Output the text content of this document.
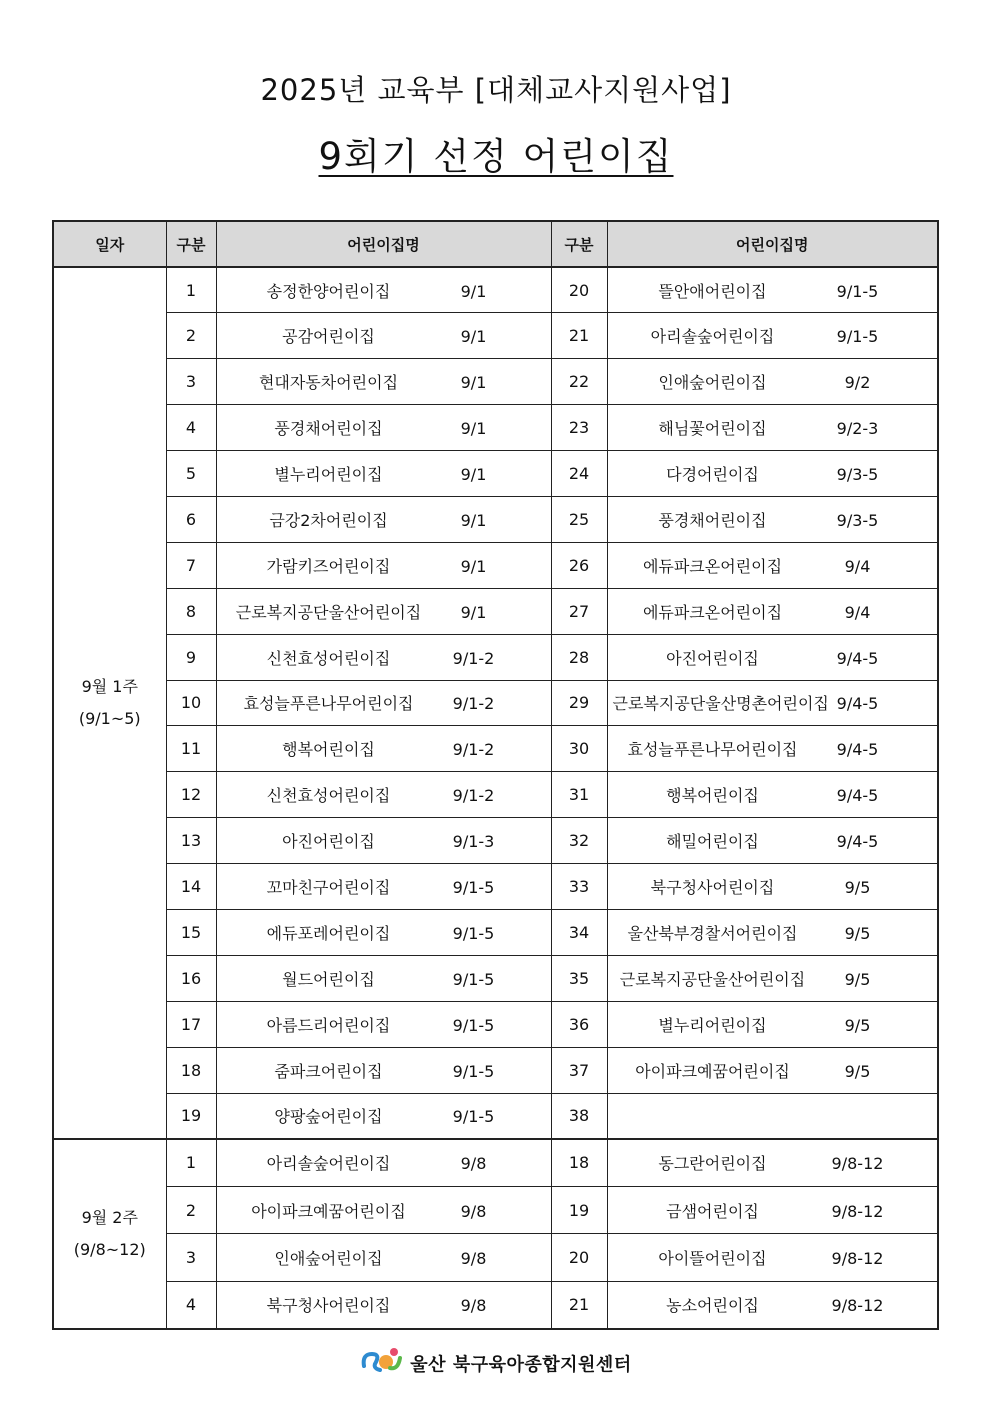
2025년 교육부 [대체교사지원사업]
9회기 선정 어린이집
일자	구분	어린이집명	구분	어린이집명
9월 1주
(9/1~5)	1	송정한양어린이집 9/1	20	뜰안애어린이집 9/1-5
	2	공감어린이집 9/1	21	아리솔숲어린이집 9/1-5
	3	현대자동차어린이집 9/1	22	인애숲어린이집 9/2
	4	풍경채어린이집 9/1	23	해님꽃어린이집 9/2-3
	5	별누리어린이집 9/1	24	다경어린이집 9/3-5
	6	금강2차어린이집 9/1	25	풍경채어린이집 9/3-5
	7	가람키즈어린이집 9/1	26	에듀파크온어린이집 9/4
	8	근로복지공단울산어린이집 9/1	27	에듀파크온어린이집 9/4
	9	신천효성어린이집 9/1-2	28	아진어린이집 9/4-5
	10	효성늘푸른나무어린이집 9/1-2	29	근로복지공단울산명촌어린이집 9/4-5
	11	행복어린이집 9/1-2	30	효성늘푸른나무어린이집 9/4-5
	12	신천효성어린이집 9/1-2	31	행복어린이집 9/4-5
	13	아진어린이집 9/1-3	32	해밀어린이집 9/4-5
	14	꼬마친구어린이집 9/1-5	33	북구청사어린이집 9/5
	15	에듀포레어린이집 9/1-5	34	울산북부경찰서어린이집 9/5
	16	월드어린이집 9/1-5	35	근로복지공단울산어린이집 9/5
	17	아름드리어린이집 9/1-5	36	별누리어린이집 9/5
	18	줌파크어린이집 9/1-5	37	아이파크예꿈어린이집 9/5
	19	양팡숲어린이집 9/1-5	38	
9월 2주
(9/8~12)	1	아리솔숲어린이집 9/8	18	동그란어린이집 9/8-12
	2	아이파크예꿈어린이집 9/8	19	금샘어린이집 9/8-12
	3	인애숲어린이집 9/8	20	아이뜰어린이집 9/8-12
	4	북구청사어린이집 9/8	21	농소어린이집 9/8-12
울산 북구육아종합지원센터
